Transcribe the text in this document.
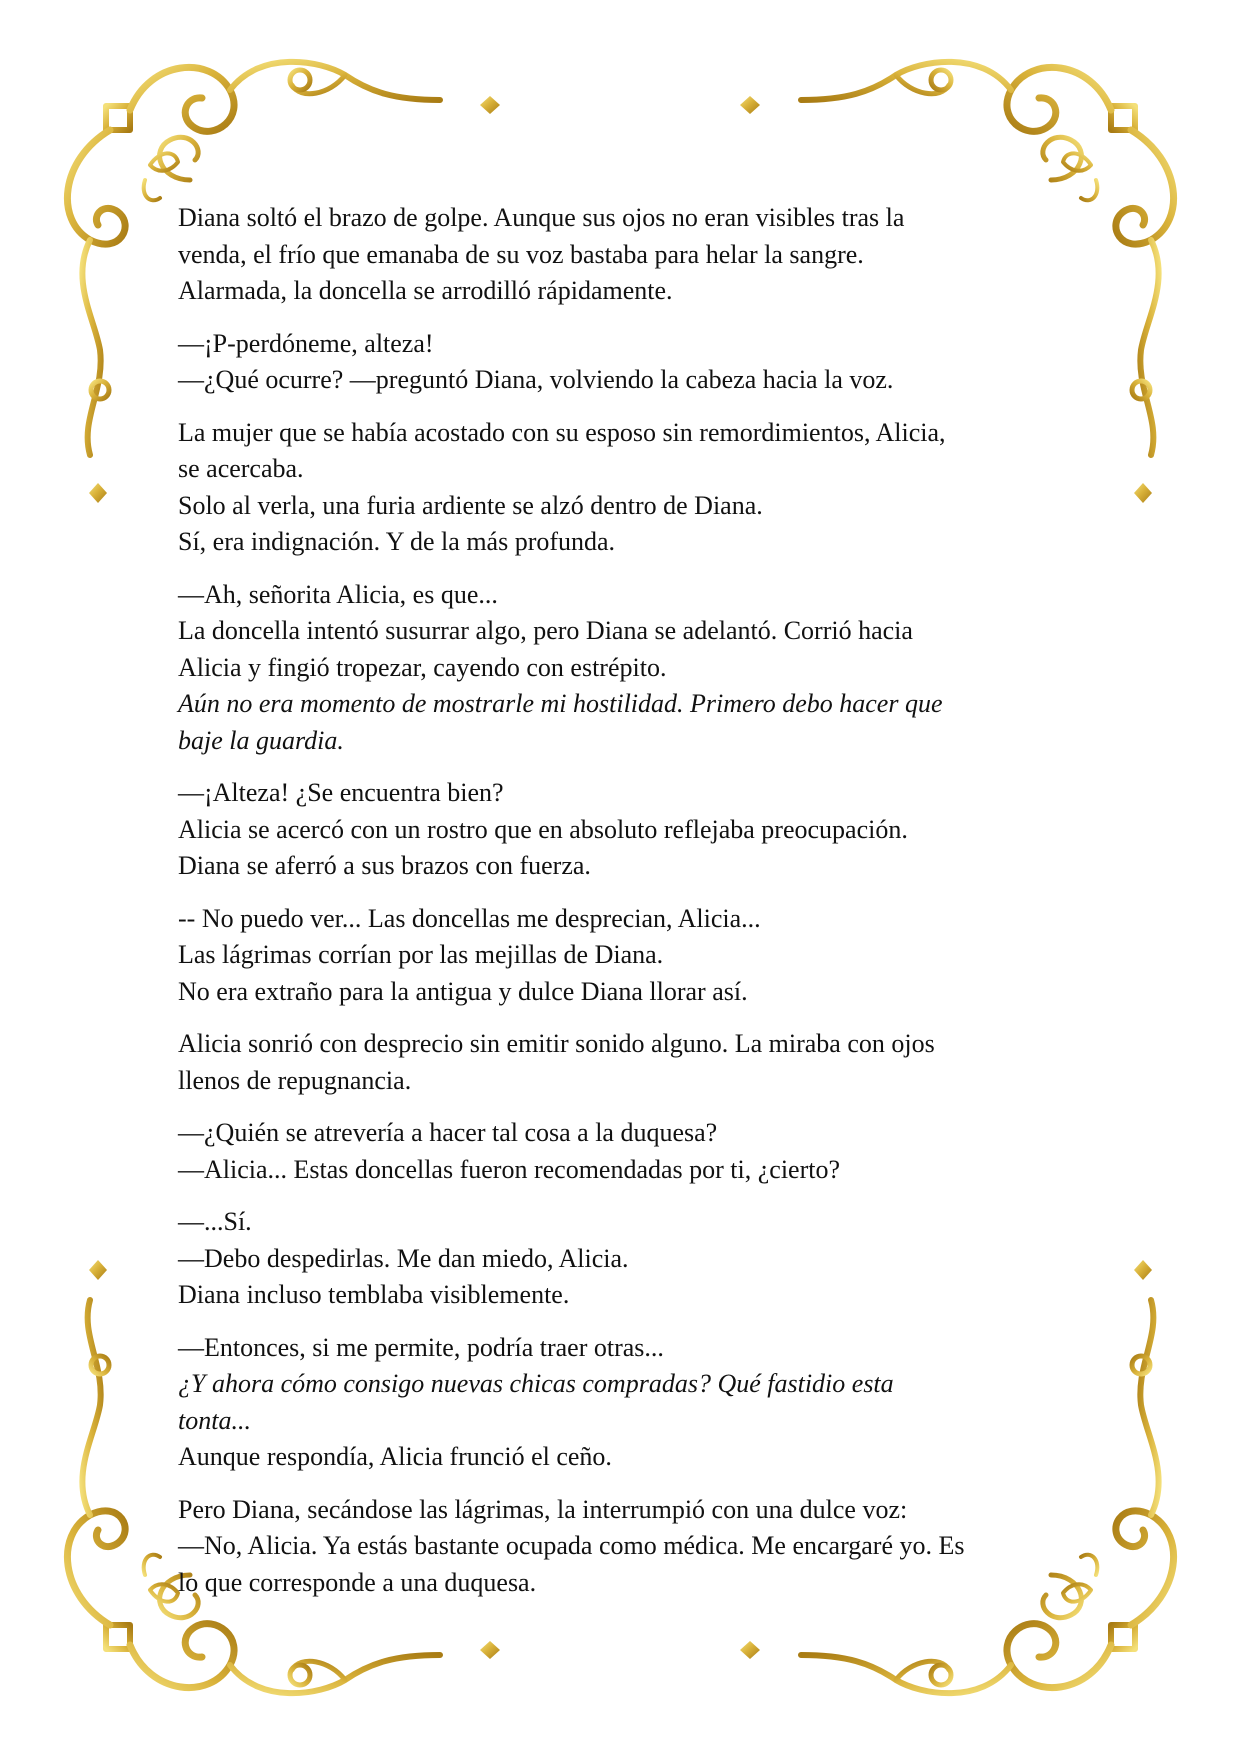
Diana soltó el brazo de golpe. Aunque sus ojos no eran visibles tras la
venda, el frío que emanaba de su voz bastaba para helar la sangre.
Alarmada, la doncella se arrodilló rápidamente.
—¡P-perdóneme, alteza!
—¿Qué ocurre? —preguntó Diana, volviendo la cabeza hacia la voz.
La mujer que se había acostado con su esposo sin remordimientos, Alicia,
se acercaba.
Solo al verla, una furia ardiente se alzó dentro de Diana.
Sí, era indignación. Y de la más profunda.
—Ah, señorita Alicia, es que...
La doncella intentó susurrar algo, pero Diana se adelantó. Corrió hacia
Alicia y fingió tropezar, cayendo con estrépito.
Aún no era momento de mostrarle mi hostilidad. Primero debo hacer que
baje la guardia.
—¡Alteza! ¿Se encuentra bien?
Alicia se acercó con un rostro que en absoluto reflejaba preocupación.
Diana se aferró a sus brazos con fuerza.
-- No puedo ver... Las doncellas me desprecian, Alicia...
Las lágrimas corrían por las mejillas de Diana.
No era extraño para la antigua y dulce Diana llorar así.
Alicia sonrió con desprecio sin emitir sonido alguno. La miraba con ojos
llenos de repugnancia.
—¿Quién se atrevería a hacer tal cosa a la duquesa?
—Alicia... Estas doncellas fueron recomendadas por ti, ¿cierto?
—...Sí.
—Debo despedirlas. Me dan miedo, Alicia.
Diana incluso temblaba visiblemente.
—Entonces, si me permite, podría traer otras...
¿Y ahora cómo consigo nuevas chicas compradas? Qué fastidio esta
tonta...
Aunque respondía, Alicia frunció el ceño.
Pero Diana, secándose las lágrimas, la interrumpió con una dulce voz:
—No, Alicia. Ya estás bastante ocupada como médica. Me encargaré yo. Es
lo que corresponde a una duquesa.
